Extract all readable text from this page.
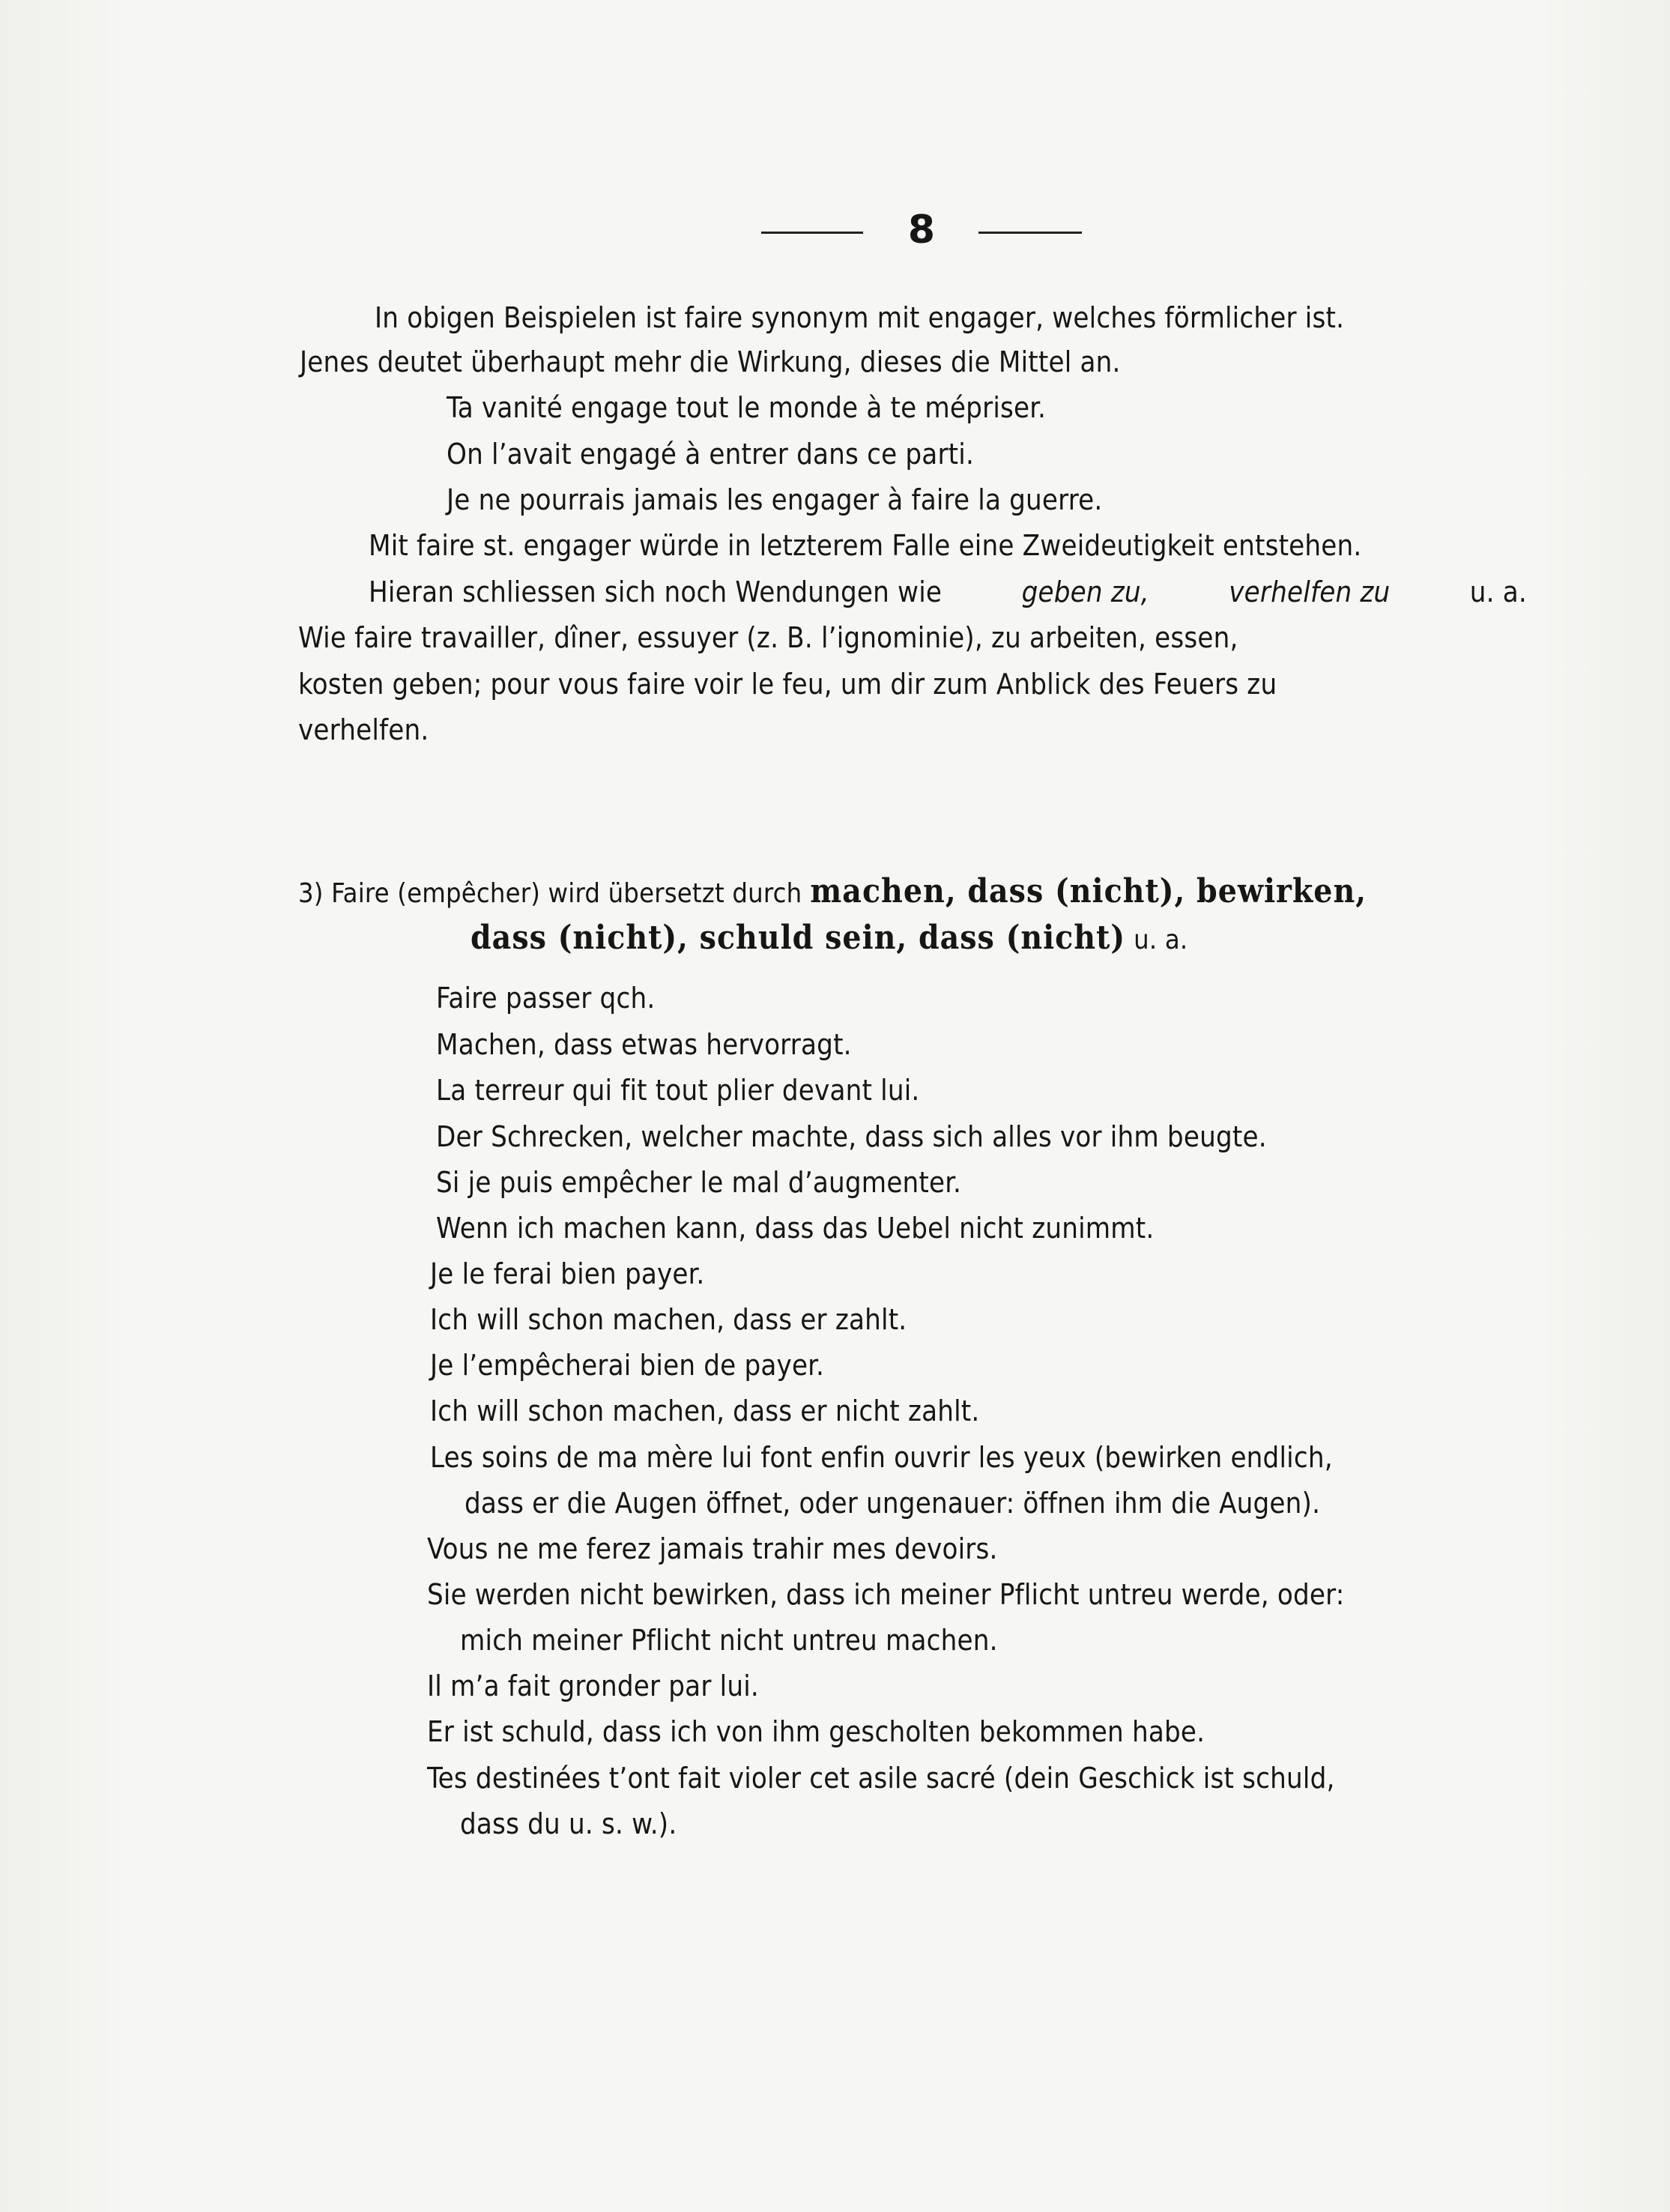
8
In obigen Beispielen ist faire synonym mit engager, welches förmlicher ist.
Jenes deutet überhaupt mehr die Wirkung, dieses die Mittel an.
Ta vanité engage tout le monde à te mépriser.
On l’avait engagé à entrer dans ce parti.
Je ne pourrais jamais les engager à faire la guerre.
Mit faire st. engager würde in letzterem Falle eine Zweideutigkeit entstehen.
Hieran schliessen sich noch Wendungen wie	geben zu,	verhelfen zu	u. a.
Wie faire travailler, dîner, essuyer (z. B. l’ignominie), zu arbeiten, essen,
kosten geben; pour vous faire voir le feu, um dir zum Anblick des Feuers zu
verhelfen.
3) Faire (empêcher) wird übersetzt durch machen, dass (nicht), bewirken,
dass (nicht), schuld sein, dass (nicht) u. a.
Faire passer qch.
Machen, dass etwas hervorragt.
La terreur qui fit tout plier devant lui.
Der Schrecken, welcher machte, dass sich alles vor ihm beugte.
Si je puis empêcher le mal d’augmenter.
Wenn ich machen kann, dass das Uebel nicht zunimmt.
Je le ferai bien payer.
Ich will schon machen, dass er zahlt.
Je l’empêcherai bien de payer.
Ich will schon machen, dass er nicht zahlt.
Les soins de ma mère lui font enfin ouvrir les yeux (bewirken endlich,
dass er die Augen öffnet, oder ungenauer: öffnen ihm die Augen).
Vous ne me ferez jamais trahir mes devoirs.
Sie werden nicht bewirken, dass ich meiner Pflicht untreu werde, oder:
mich meiner Pflicht nicht untreu machen.
Il m’a fait gronder par lui.
Er ist schuld, dass ich von ihm gescholten bekommen habe.
Tes destinées t’ont fait violer cet asile sacré (dein Geschick ist schuld,
dass du u. s. w.).
